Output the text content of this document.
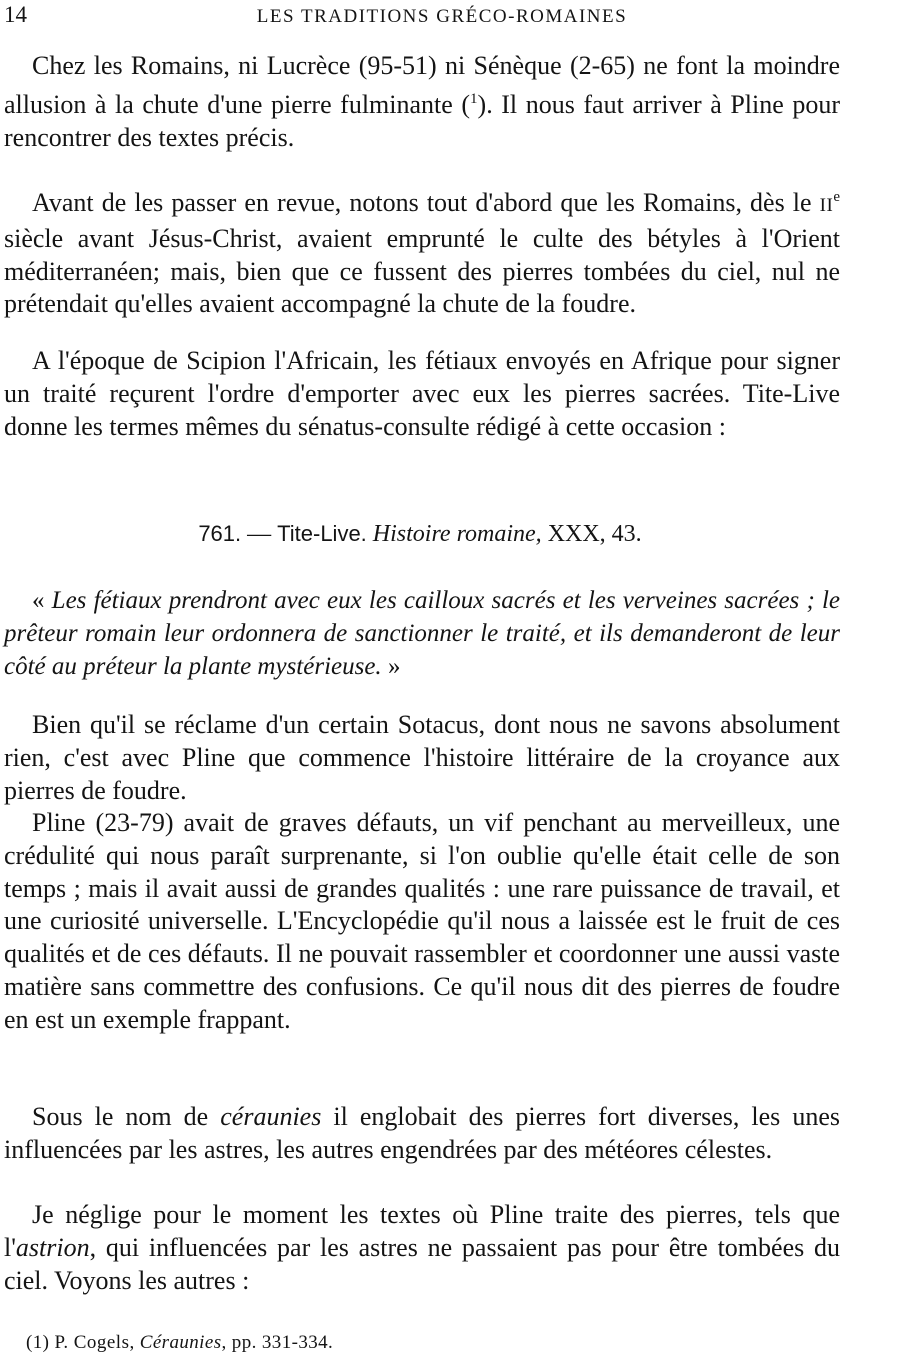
14	LES TRADITIONS GRÉCO-ROMAINES

Chez les Romains, ni Lucrèce (95-51) ni Sénèque (2-65) ne font la moindre allusion à la chute d'une pierre fulminante ($^1$). Il nous faut arriver à Pline pour rencontrer des textes précis.

Avant de les passer en revue, notons tout d'abord que les Romains, dès le IIe siècle avant Jésus-Christ, avaient emprunté le culte des bétyles à l'Orient méditerranéen; mais, bien que ce fussent des pierres tombées du ciel, nul ne prétendait qu'elles avaient accompagné la chute de la foudre.

A l'époque de Scipion l'Africain, les fétiaux envoyés en Afrique pour signer un traité reçurent l'ordre d'emporter avec eux les pierres sacrées. Tite-Live donne les termes mêmes du sénatus-consulte rédigé à cette occasion :

761. — Tite-Live. Histoire romaine, XXX, 43.

« Les fétiaux prendront avec eux les cailloux sacrés et les verveines sacrées ; le prêteur romain leur ordonnera de sanctionner le traité, et ils demanderont de leur côté au préteur la plante mystérieuse. »

Bien qu'il se réclame d'un certain Sotacus, dont nous ne savons absolument rien, c'est avec Pline que commence l'histoire littéraire de la croyance aux pierres de foudre.

Pline (23-79) avait de graves défauts, un vif penchant au merveilleux, une crédulité qui nous paraît surprenante, si l'on oublie qu'elle était celle de son temps ; mais il avait aussi de grandes qualités : une rare puissance de travail, et une curiosité universelle. L'Encyclopédie qu'il nous a laissée est le fruit de ces qualités et de ces défauts. Il ne pouvait rassembler et coordonner une aussi vaste matière sans commettre des confusions. Ce qu'il nous dit des pierres de foudre en est un exemple frappant.

Sous le nom de céraunies il englobait des pierres fort diverses, les unes influencées par les astres, les autres engendrées par des météores célestes.

Je néglige pour le moment les textes où Pline traite des pierres, tels que l'astrion, qui influencées par les astres ne passaient pas pour être tombées du ciel. Voyons les autres :

(1) P. Cogels, Céraunies, pp. 331-334.
